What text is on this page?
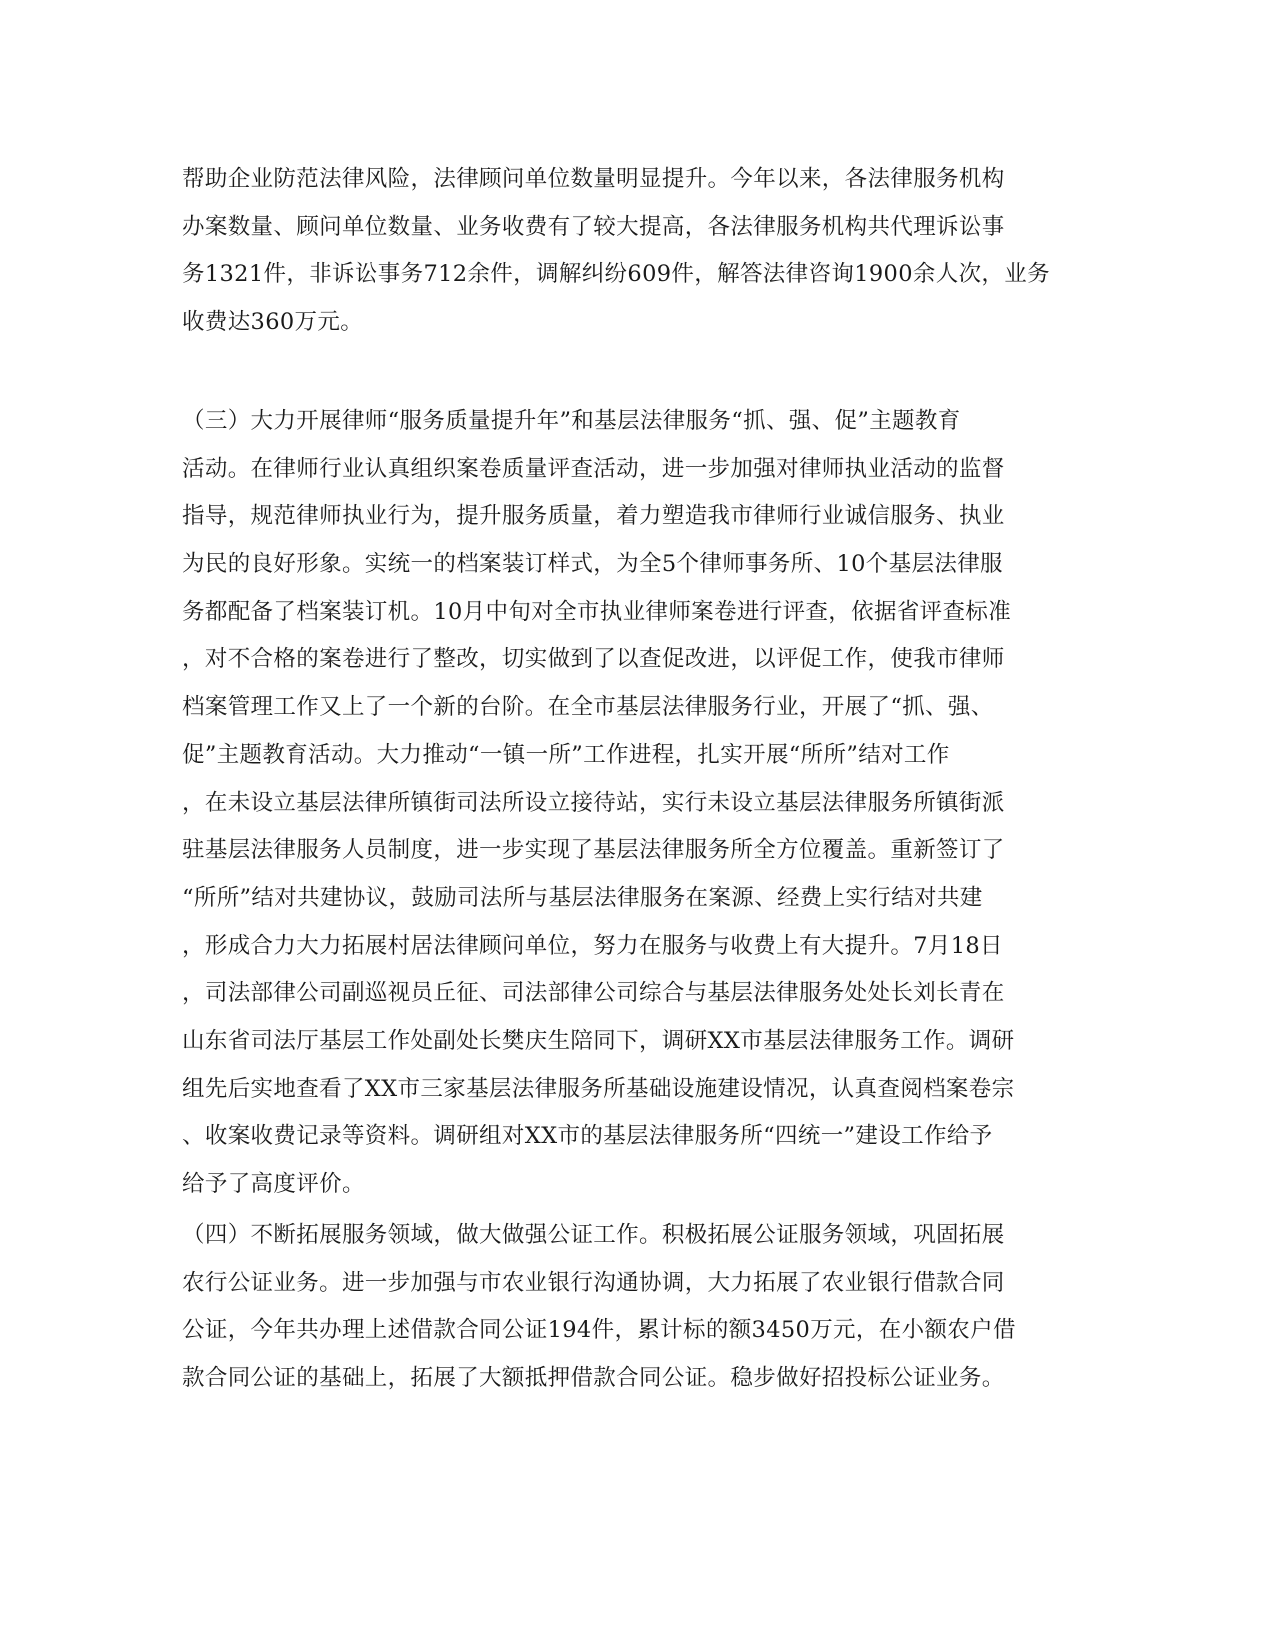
帮助企业防范法律风险，法律顾问单位数量明显提升。今年以来，各法律服务机构
办案数量、顾问单位数量、业务收费有了较大提高，各法律服务机构共代理诉讼事
务1321件，非诉讼事务712余件，调解纠纷609件，解答法律咨询1900余人次，业务
收费达360万元。
（三）大力开展律师“服务质量提升年”和基层法律服务“抓、强、促”主题教育
活动。在律师行业认真组织案卷质量评查活动，进一步加强对律师执业活动的监督
指导，规范律师执业行为，提升服务质量，着力塑造我市律师行业诚信服务、执业
为民的良好形象。实统一的档案装订样式，为全5个律师事务所、10个基层法律服
务都配备了档案装订机。10月中旬对全市执业律师案卷进行评查，依据省评查标准
，对不合格的案卷进行了整改，切实做到了以查促改进，以评促工作，使我市律师
档案管理工作又上了一个新的台阶。在全市基层法律服务行业，开展了“抓、强、
促”主题教育活动。大力推动“一镇一所”工作进程，扎实开展“所所”结对工作
，在未设立基层法律所镇街司法所设立接待站，实行未设立基层法律服务所镇街派
驻基层法律服务人员制度，进一步实现了基层法律服务所全方位覆盖。重新签订了
“所所”结对共建协议，鼓励司法所与基层法律服务在案源、经费上实行结对共建
，形成合力大力拓展村居法律顾问单位，努力在服务与收费上有大提升。7月18日
，司法部律公司副巡视员丘征、司法部律公司综合与基层法律服务处处长刘长青在
山东省司法厅基层工作处副处长樊庆生陪同下，调研XX市基层法律服务工作。调研
组先后实地查看了XX市三家基层法律服务所基础设施建设情况，认真查阅档案卷宗
、收案收费记录等资料。调研组对XX市的基层法律服务所“四统一”建设工作给予
给予了高度评价。
（四）不断拓展服务领域，做大做强公证工作。积极拓展公证服务领域，巩固拓展
农行公证业务。进一步加强与市农业银行沟通协调，大力拓展了农业银行借款合同
公证，今年共办理上述借款合同公证194件，累计标的额3450万元，在小额农户借
款合同公证的基础上，拓展了大额抵押借款合同公证。稳步做好招投标公证业务。
